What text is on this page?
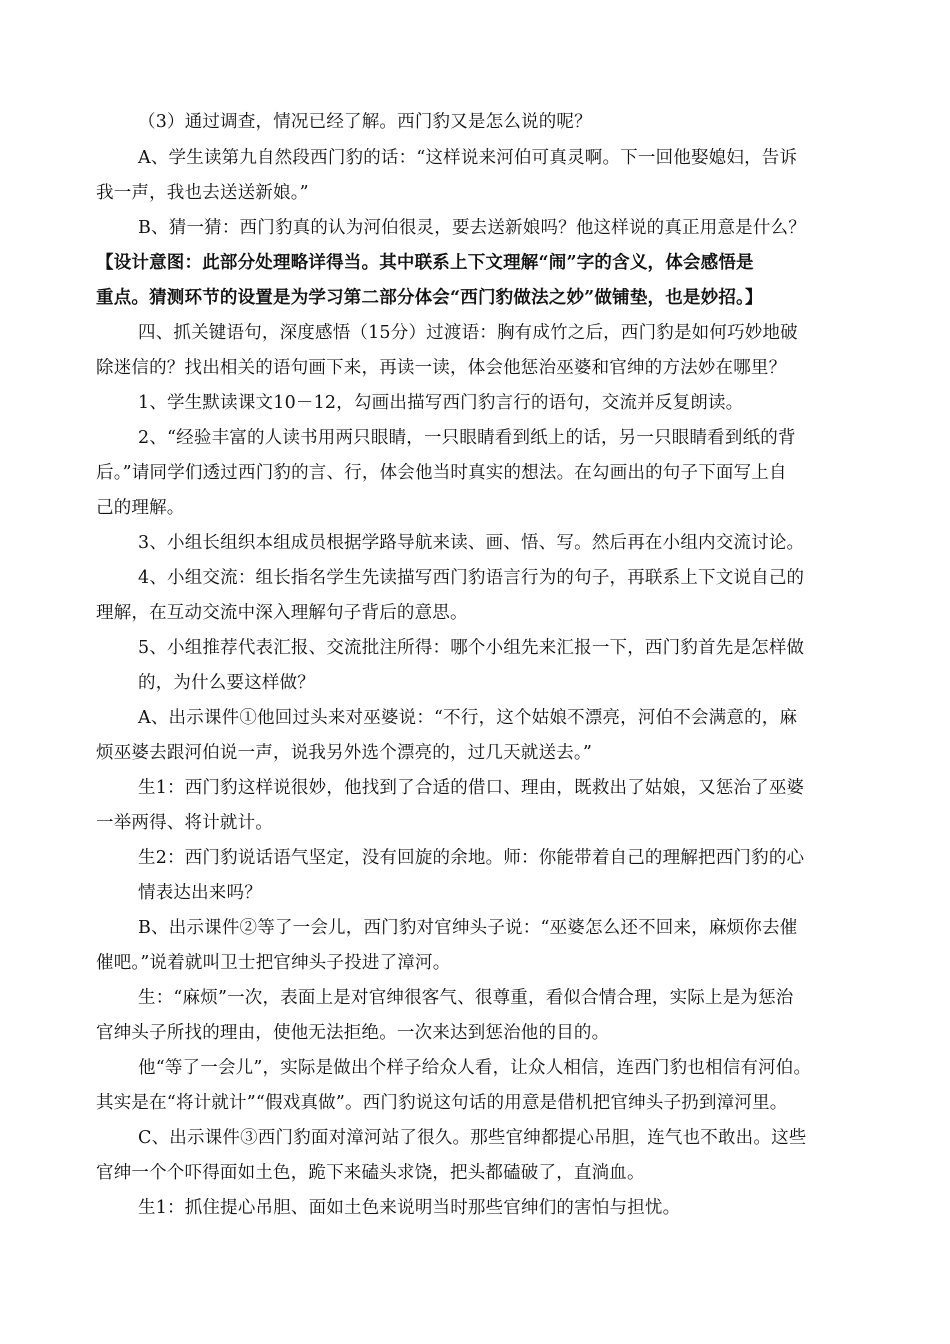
（3）通过调查，情况已经了解。西门豹又是怎么说的呢？
A、学生读第九自然段西门豹的话：“这样说来河伯可真灵啊。下一回他娶媳妇，告诉
我一声，我也去送送新娘。”
B、猜一猜：西门豹真的认为河伯很灵，要去送新娘吗？他这样说的真正用意是什么？
【设计意图：此部分处理略详得当。其中联系上下文理解“闹”字的含义，体会感悟是
重点。猜测环节的设置是为学习第二部分体会“西门豹做法之妙”做铺垫，也是妙招。】
四、抓关键语句，深度感悟（15分）过渡语：胸有成竹之后，西门豹是如何巧妙地破
除迷信的？找出相关的语句画下来，再读一读，体会他惩治巫婆和官绅的方法妙在哪里？
1、学生默读课文10－12，勾画出描写西门豹言行的语句，交流并反复朗读。
2、“经验丰富的人读书用两只眼睛，一只眼睛看到纸上的话，另一只眼睛看到纸的背
后。”请同学们透过西门豹的言、行，体会他当时真实的想法。在勾画出的句子下面写上自
己的理解。
3、小组长组织本组成员根据学路导航来读、画、悟、写。然后再在小组内交流讨论。
4、小组交流：组长指名学生先读描写西门豹语言行为的句子，再联系上下文说自己的
理解，在互动交流中深入理解句子背后的意思。
5、小组推荐代表汇报、交流批注所得：哪个小组先来汇报一下，西门豹首先是怎样做
的，为什么要这样做？
A、出示课件①他回过头来对巫婆说：“不行，这个姑娘不漂亮，河伯不会满意的，麻
烦巫婆去跟河伯说一声，说我另外选个漂亮的，过几天就送去。”
生1：西门豹这样说很妙，他找到了合适的借口、理由，既救出了姑娘，又惩治了巫婆
一举两得、将计就计。
生2：西门豹说话语气坚定，没有回旋的余地。师：你能带着自己的理解把西门豹的心
情表达出来吗？
B、出示课件②等了一会儿，西门豹对官绅头子说：“巫婆怎么还不回来，麻烦你去催
催吧。”说着就叫卫士把官绅头子投进了漳河。
生：“麻烦”一次，表面上是对官绅很客气、很尊重，看似合情合理，实际上是为惩治
官绅头子所找的理由，使他无法拒绝。一次来达到惩治他的目的。
他“等了一会儿”，实际是做出个样子给众人看，让众人相信，连西门豹也相信有河伯。
其实是在“将计就计”“假戏真做”。西门豹说这句话的用意是借机把官绅头子扔到漳河里。
C、出示课件③西门豹面对漳河站了很久。那些官绅都提心吊胆，连气也不敢出。这些
官绅一个个吓得面如土色，跪下来磕头求饶，把头都磕破了，直淌血。
生1：抓住提心吊胆、面如土色来说明当时那些官绅们的害怕与担忧。
